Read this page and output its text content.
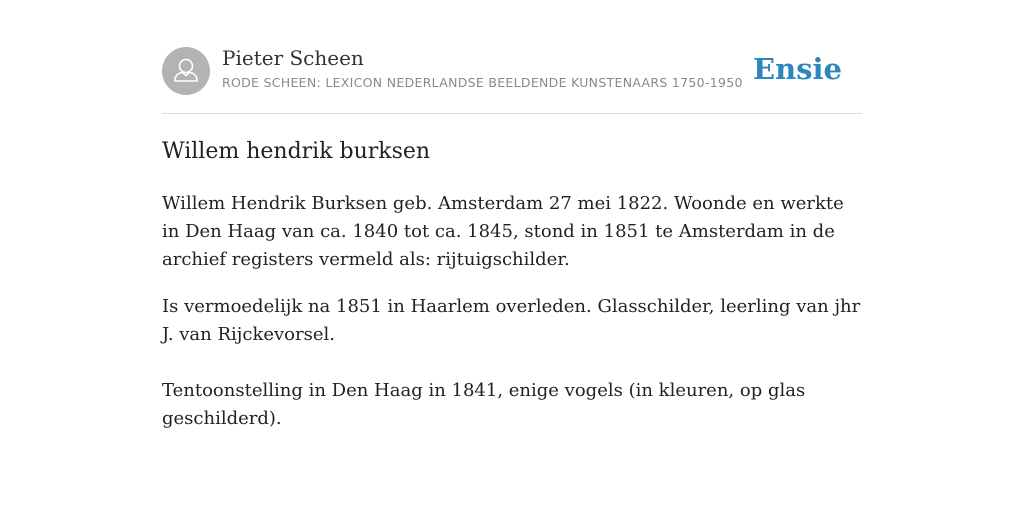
Pieter Scheen
RODE SCHEEN: LEXICON NEDERLANDSE BEELDENDE KUNSTENAARS 1750-1950 Ensie
Willem hendrik burksen

Willem Hendrik Burksen geb. Amsterdam 27 mei 1822. Woonde en werkte in Den Haag van ca. 1840 tot ca. 1845, stond in 1851 te Amsterdam in de archief registers vermeld als: rijtuigschilder.

Is vermoedelijk na 1851 in Haarlem overleden. Glasschilder, leerling van jhr J. van Rijckevorsel.

Tentoonstelling in Den Haag in 1841, enige vogels (in kleuren, op glas geschilderd).
